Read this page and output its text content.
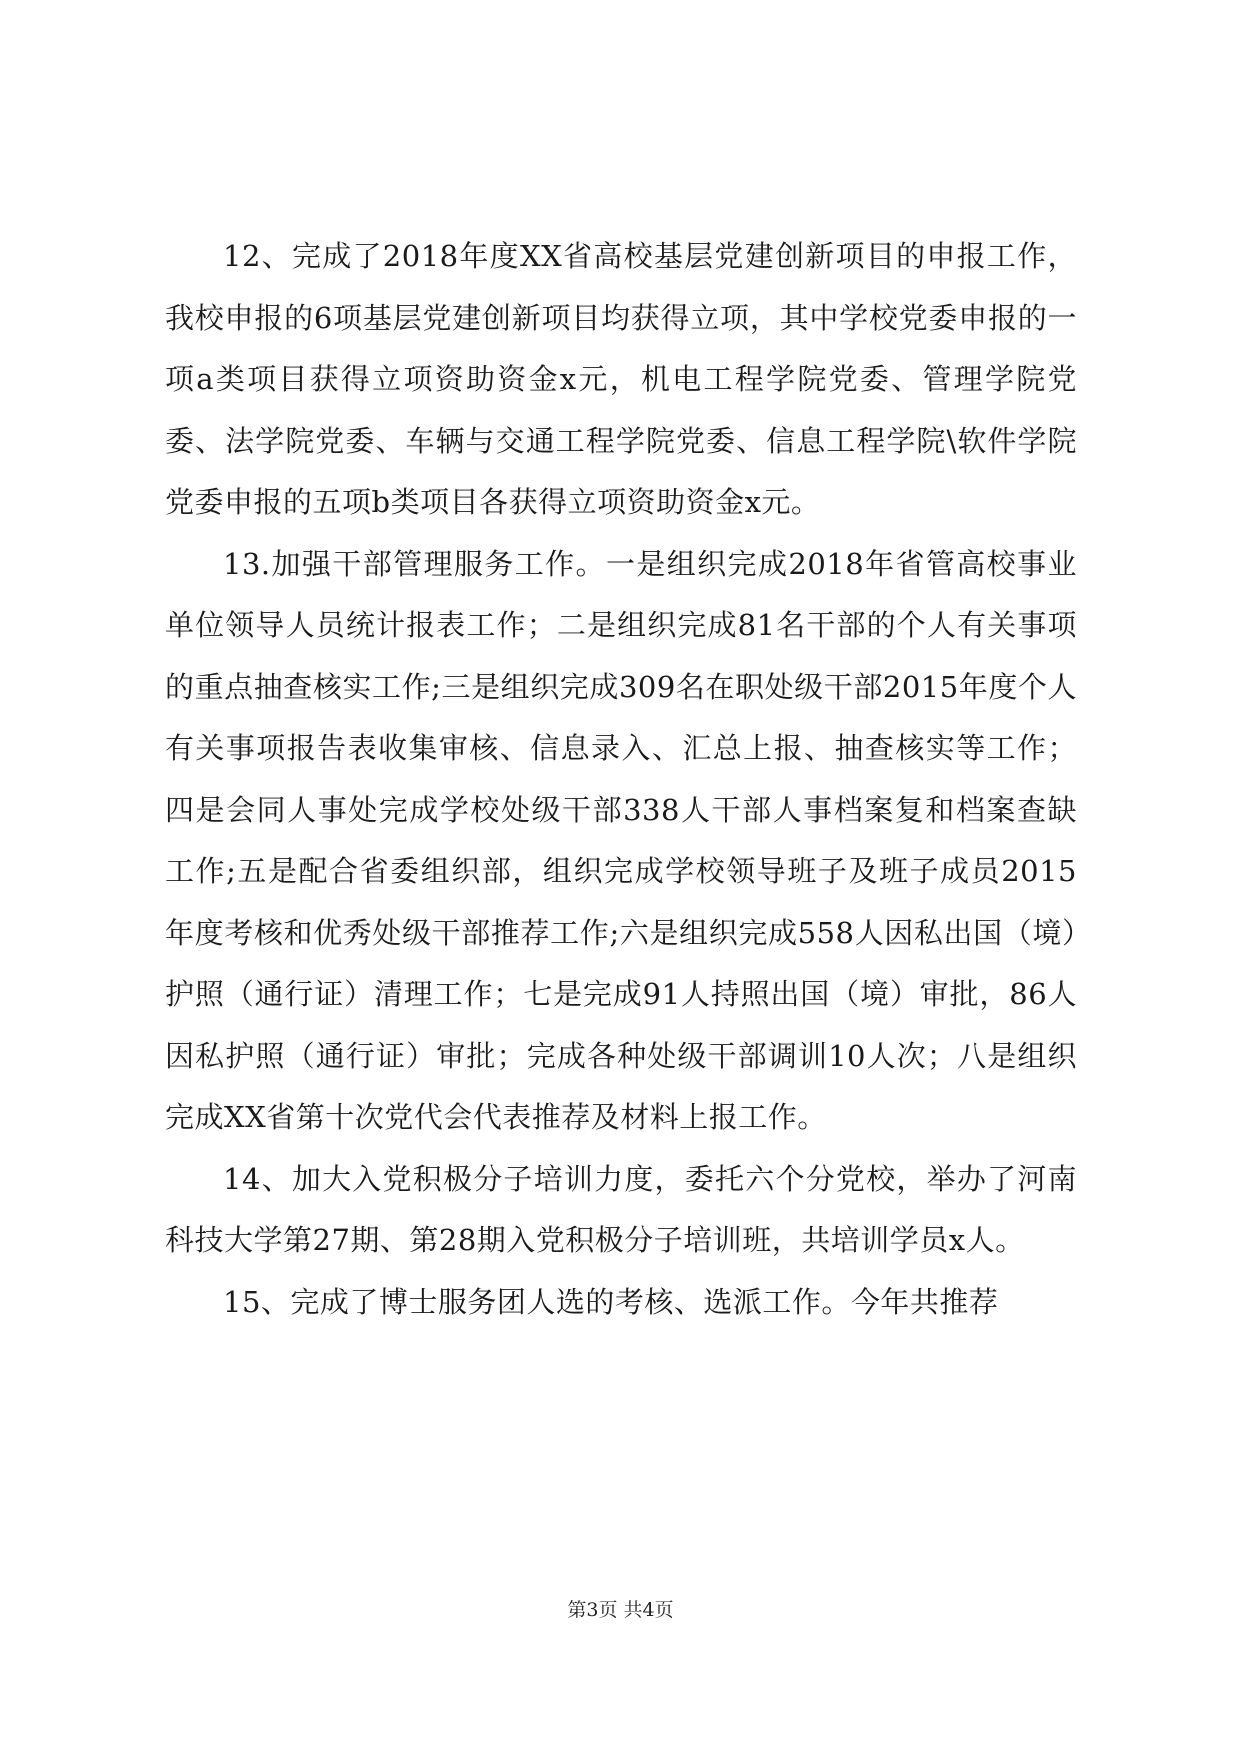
12、完成了2018年度XX省高校基层党建创新项目的申报工作，我校申报的6项基层党建创新项目均获得立项，其中学校党委申报的一项a类项目获得立项资助资金x元，机电工程学院党委、管理学院党委、法学院党委、车辆与交通工程学院党委、信息工程学院\软件学院党委申报的五项b类项目各获得立项资助资金x元。

13.加强干部管理服务工作。一是组织完成2018年省管高校事业单位领导人员统计报表工作；二是组织完成81名干部的个人有关事项的重点抽查核实工作;三是组织完成309名在职处级干部2015年度个人有关事项报告表收集审核、信息录入、汇总上报、抽查核实等工作；四是会同人事处完成学校处级干部338人干部人事档案复和档案查缺工作;五是配合省委组织部，组织完成学校领导班子及班子成员2015年度考核和优秀处级干部推荐工作;六是组织完成558人因私出国（境）护照（通行证）清理工作；七是完成91人持照出国（境）审批，86人因私护照（通行证）审批；完成各种处级干部调训10人次；八是组织完成XX省第十次党代会代表推荐及材料上报工作。

14、加大入党积极分子培训力度，委托六个分党校，举办了河南科技大学第27期、第28期入党积极分子培训班，共培训学员x人。

15、完成了博士服务团人选的考核、选派工作。今年共推荐

第3页 共4页
